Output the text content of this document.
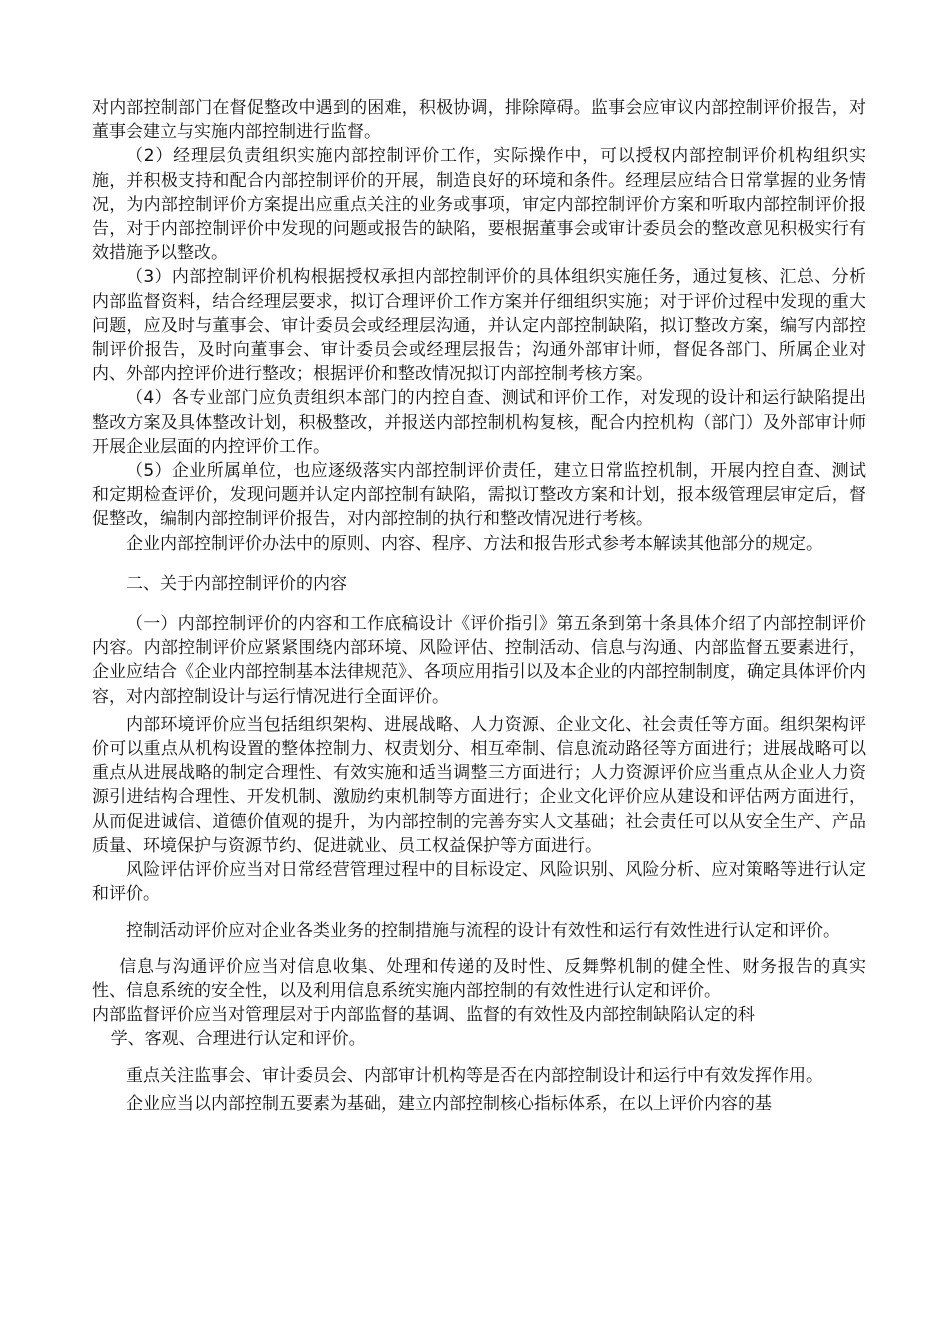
对内部控制部门在督促整改中遇到的困难，积极协调，排除障碍。监事会应审议内部控制评价报告，对董事会建立与实施内部控制进行监督。

（2）经理层负责组织实施内部控制评价工作，实际操作中，可以授权内部控制评价机构组织实施，并积极支持和配合内部控制评价的开展，制造良好的环境和条件。经理层应结合日常掌握的业务情况，为内部控制评价方案提出应重点关注的业务或事项，审定内部控制评价方案和听取内部控制评价报告，对于内部控制评价中发现的问题或报告的缺陷，要根据董事会或审计委员会的整改意见积极实行有效措施予以整改。

（3）内部控制评价机构根据授权承担内部控制评价的具体组织实施任务，通过复核、汇总、分析内部监督资料，结合经理层要求，拟订合理评价工作方案并仔细组织实施；对于评价过程中发现的重大问题，应及时与董事会、审计委员会或经理层沟通，并认定内部控制缺陷，拟订整改方案，编写内部控制评价报告，及时向董事会、审计委员会或经理层报告；沟通外部审计师，督促各部门、所属企业对内、外部内控评价进行整改；根据评价和整改情况拟订内部控制考核方案。

（4）各专业部门应负责组织本部门的内控自查、测试和评价工作，对发现的设计和运行缺陷提出整改方案及具体整改计划，积极整改，并报送内部控制机构复核，配合内控机构（部门）及外部审计师开展企业层面的内控评价工作。

（5）企业所属单位，也应逐级落实内部控制评价责任，建立日常监控机制，开展内控自查、测试和定期检查评价，发现问题并认定内部控制有缺陷，需拟订整改方案和计划，报本级管理层审定后，督促整改，编制内部控制评价报告，对内部控制的执行和整改情况进行考核。

企业内部控制评价办法中的原则、内容、程序、方法和报告形式参考本解读其他部分的规定。

二、关于内部控制评价的内容

（一）内部控制评价的内容和工作底稿设计《评价指引》第五条到第十条具体介绍了内部控制评价内容。内部控制评价应紧紧围绕内部环境、风险评估、控制活动、信息与沟通、内部监督五要素进行，企业应结合《企业内部控制基本法律规范》、各项应用指引以及本企业的内部控制制度，确定具体评价内容，对内部控制设计与运行情况进行全面评价。

内部环境评价应当包括组织架构、进展战略、人力资源、企业文化、社会责任等方面。组织架构评价可以重点从机构设置的整体控制力、权责划分、相互牵制、信息流动路径等方面进行；进展战略可以重点从进展战略的制定合理性、有效实施和适当调整三方面进行；人力资源评价应当重点从企业人力资源引进结构合理性、开发机制、激励约束机制等方面进行；企业文化评价应从建设和评估两方面进行，从而促进诚信、道德价值观的提升，为内部控制的完善夯实人文基础；社会责任可以从安全生产、产品质量、环境保护与资源节约、促进就业、员工权益保护等方面进行。

风险评估评价应当对日常经营管理过程中的目标设定、风险识别、风险分析、应对策略等进行认定和评价。

控制活动评价应对企业各类业务的控制措施与流程的设计有效性和运行有效性进行认定和评价。

信息与沟通评价应当对信息收集、处理和传递的及时性、反舞弊机制的健全性、财务报告的真实性、信息系统的安全性，以及利用信息系统实施内部控制的有效性进行认定和评价。

内部监督评价应当对管理层对于内部监督的基调、监督的有效性及内部控制缺陷认定的科

学、客观、合理进行认定和评价。

重点关注监事会、审计委员会、内部审计机构等是否在内部控制设计和运行中有效发挥作用。

企业应当以内部控制五要素为基础，建立内部控制核心指标体系，在以上评价内容的基
